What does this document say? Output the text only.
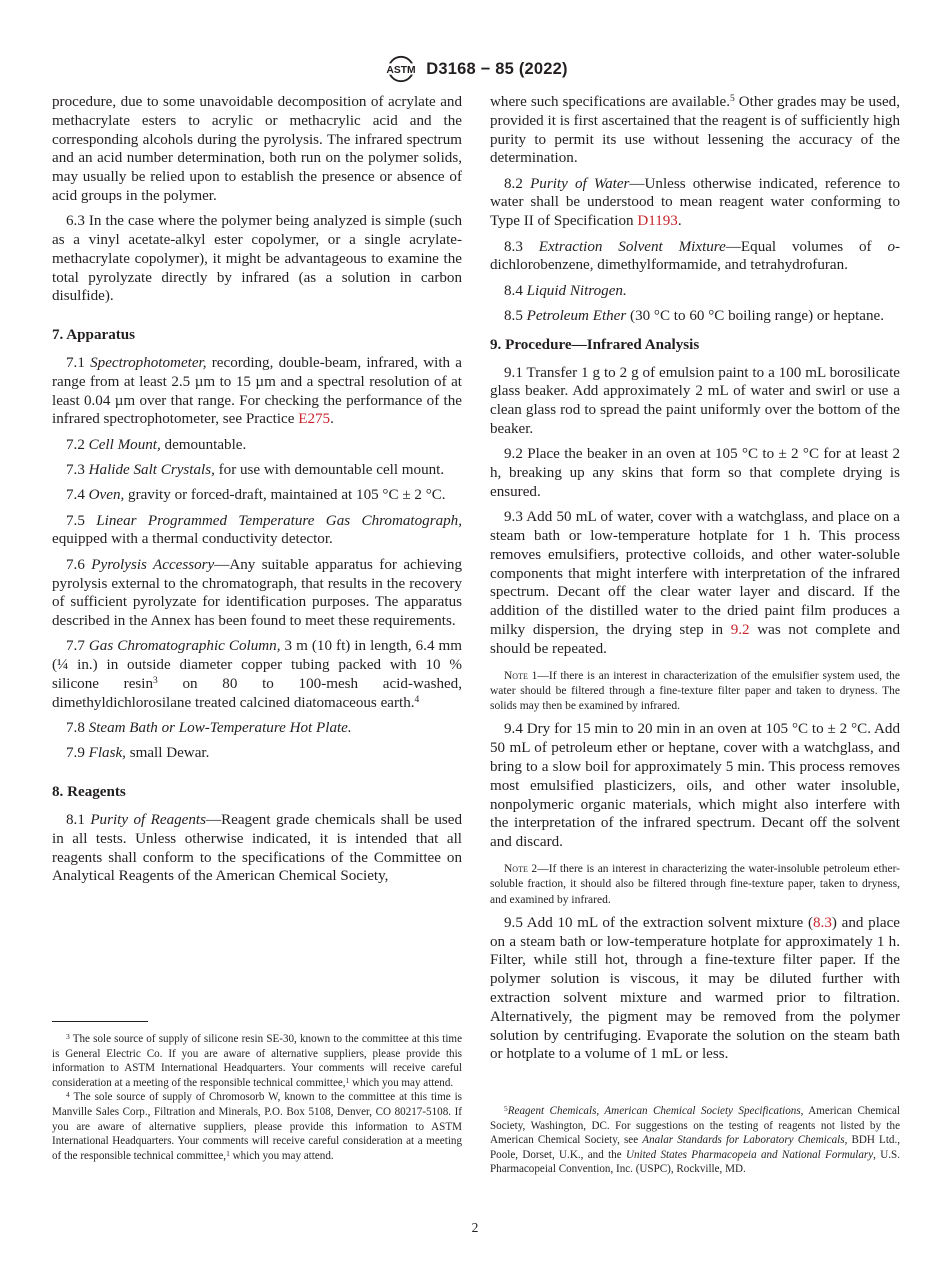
ASTM D3168 − 85 (2022)

procedure, due to some unavoidable decomposition of acrylate and methacrylate esters to acrylic or methacrylic acid and the corresponding alcohols during the pyrolysis. The infrared spectrum and an acid number determination, both run on the polymer solids, may usually be relied upon to establish the presence or absence of acid groups in the polymer.

6.3 In the case where the polymer being analyzed is simple (such as a vinyl acetate-alkyl ester copolymer, or a single acrylate-methacrylate copolymer), it might be advantageous to examine the total pyrolyzate directly by infrared (as a solution in carbon disulfide).

7. Apparatus

7.1 Spectrophotometer, recording, double-beam, infrared, with a range from at least 2.5 µm to 15 µm and a spectral resolution of at least 0.04 µm over that range. For checking the performance of the infrared spectrophotometer, see Practice E275.

7.2 Cell Mount, demountable.

7.3 Halide Salt Crystals, for use with demountable cell mount.

7.4 Oven, gravity or forced-draft, maintained at 105 °C ± 2 °C.

7.5 Linear Programmed Temperature Gas Chromatograph, equipped with a thermal conductivity detector.

7.6 Pyrolysis Accessory—Any suitable apparatus for achieving pyrolysis external to the chromatograph, that results in the recovery of sufficient pyrolyzate for identification purposes. The apparatus described in the Annex has been found to meet these requirements.

7.7 Gas Chromatographic Column, 3 m (10 ft) in length, 6.4 mm (¼ in.) in outside diameter copper tubing packed with 10 % silicone resin$^3$ on 80 to 100-mesh acid-washed, dimethyldichlorosilane treated calcined diatomaceous earth.$^4$

7.8 Steam Bath or Low-Temperature Hot Plate.

7.9 Flask, small Dewar.

8. Reagents

8.1 Purity of Reagents—Reagent grade chemicals shall be used in all tests. Unless otherwise indicated, it is intended that all reagents shall conform to the specifications of the Committee on Analytical Reagents of the American Chemical Society,

$^3$ The sole source of supply of silicone resin SE-30, known to the committee at this time is General Electric Co. If you are aware of alternative suppliers, please provide this information to ASTM International Headquarters. Your comments will receive careful consideration at a meeting of the responsible technical committee,$^1$ which you may attend.

$^4$ The sole source of supply of Chromosorb W, known to the committee at this time is Manville Sales Corp., Filtration and Minerals, P.O. Box 5108, Denver, CO 80217-5108. If you are aware of alternative suppliers, please provide this information to ASTM International Headquarters. Your comments will receive careful consideration at a meeting of the responsible technical committee,$^1$ which you may attend.

where such specifications are available.$^5$ Other grades may be used, provided it is first ascertained that the reagent is of sufficiently high purity to permit its use without lessening the accuracy of the determination.

8.2 Purity of Water—Unless otherwise indicated, reference to water shall be understood to mean reagent water conforming to Type II of Specification D1193.

8.3 Extraction Solvent Mixture—Equal volumes of o-dichlorobenzene, dimethylformamide, and tetrahydrofuran.

8.4 Liquid Nitrogen.

8.5 Petroleum Ether (30 °C to 60 °C boiling range) or heptane.

9. Procedure—Infrared Analysis

9.1 Transfer 1 g to 2 g of emulsion paint to a 100 mL borosilicate glass beaker. Add approximately 2 mL of water and swirl or use a clean glass rod to spread the paint uniformly over the bottom of the beaker.

9.2 Place the beaker in an oven at 105 °C to ± 2 °C for at least 2 h, breaking up any skins that form so that complete drying is ensured.

9.3 Add 50 mL of water, cover with a watchglass, and place on a steam bath or low-temperature hotplate for 1 h. This process removes emulsifiers, protective colloids, and other water-soluble components that might interfere with interpretation of the infrared spectrum. Decant off the clear water layer and discard. If the addition of the distilled water to the dried paint film produces a milky dispersion, the drying step in 9.2 was not complete and should be repeated.

Note 1—If there is an interest in characterization of the emulsifier system used, the water should be filtered through a fine-texture filter paper and taken to dryness. The solids may then be examined by infrared.

9.4 Dry for 15 min to 20 min in an oven at 105 °C to ± 2 °C. Add 50 mL of petroleum ether or heptane, cover with a watchglass, and bring to a slow boil for approximately 5 min. This process removes most emulsified plasticizers, oils, and other water insoluble, nonpolymeric organic materials, which might also interfere with the interpretation of the infrared spectrum. Decant off the solvent and discard.

Note 2—If there is an interest in characterizing the water-insoluble petroleum ether-soluble fraction, it should also be filtered through fine-texture paper, taken to dryness, and examined by infrared.

9.5 Add 10 mL of the extraction solvent mixture (8.3) and place on a steam bath or low-temperature hotplate for approximately 1 h. Filter, while still hot, through a fine-texture filter paper. If the polymer solution is viscous, it may be diluted further with extraction solvent mixture and warmed prior to filtration. Alternatively, the pigment may be removed from the polymer solution by centrifuging. Evaporate the solution on the steam bath or hotplate to a volume of 1 mL or less.

$^5$Reagent Chemicals, American Chemical Society Specifications, American Chemical Society, Washington, DC. For suggestions on the testing of reagents not listed by the American Chemical Society, see Analar Standards for Laboratory Chemicals, BDH Ltd., Poole, Dorset, U.K., and the United States Pharmacopeia and National Formulary, U.S. Pharmacopeial Convention, Inc. (USPC), Rockville, MD.

2
